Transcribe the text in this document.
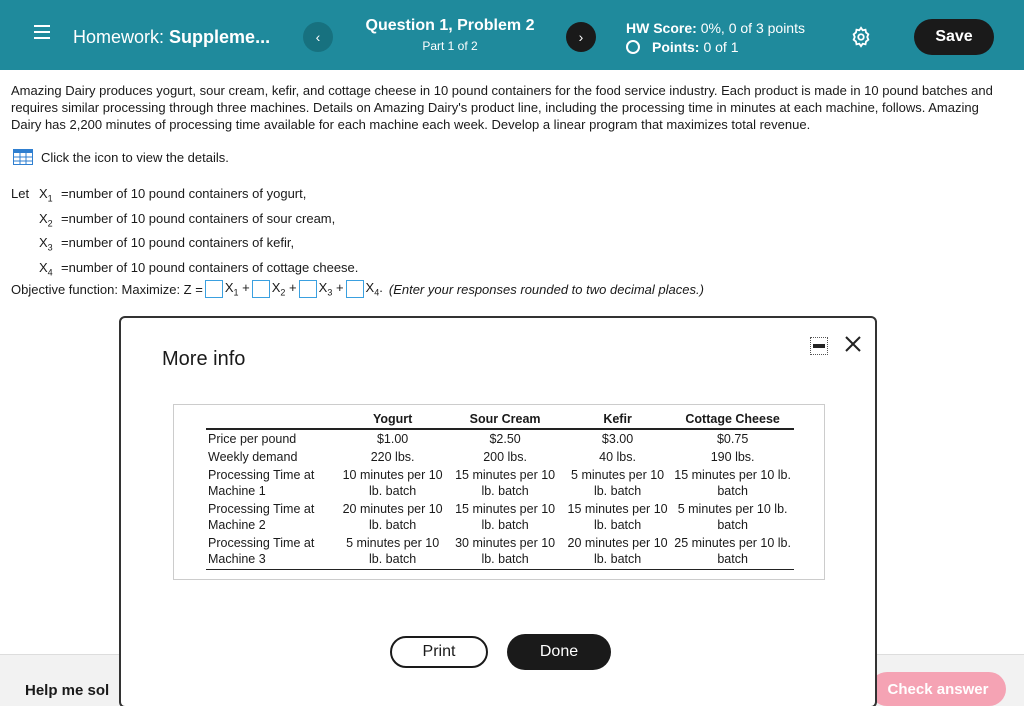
Homework: Suppleme...	‹
Question 1, Problem 2
Part 1 of 2
›
HW Score: 0%, 0 of 3 points
Points: 0 of 1
Save
Amazing Dairy produces yogurt, sour cream, kefir, and cottage cheese in 10 pound containers for the food service industry. Each product is made in 10 pound batches and requires similar processing through three machines. Details on Amazing Dairy's product line, including the processing time in minutes at each machine, follows. Amazing Dairy has 2,200 minutes of processing time available for each machine each week. Develop a linear program that maximizes total revenue.
Click the icon to view the details.
Let $X_1$ =number of 10 pound containers of yogurt,
$X_2$ =number of 10 pound containers of sour cream,
$X_3$ =number of 10 pound containers of kefir,
$X_4$ =number of 10 pound containers of cottage cheese.
Objective function: Maximize: $Z = X_1 + X_2 + X_3 + X_4$. (Enter your responses rounded to two decimal places.)
Help me sol	Check answer
More info
	Yogurt	Sour Cream	Kefir	Cottage Cheese
Price per pound	$1.00	$2.50	$3.00	$0.75
Weekly demand	220 lbs.	200 lbs.	40 lbs.	190 lbs.
Processing Time at Machine 1	10 minutes per 10 lb. batch	15 minutes per 10 lb. batch	5 minutes per 10 lb. batch	15 minutes per 10 lb. batch
Processing Time at Machine 2	20 minutes per 10 lb. batch	15 minutes per 10 lb. batch	15 minutes per 10 lb. batch	5 minutes per 10 lb. batch
Processing Time at Machine 3	5 minutes per 10 lb. batch	30 minutes per 10 lb. batch	20 minutes per 10 lb. batch	25 minutes per 10 lb. batch
Print	Done
